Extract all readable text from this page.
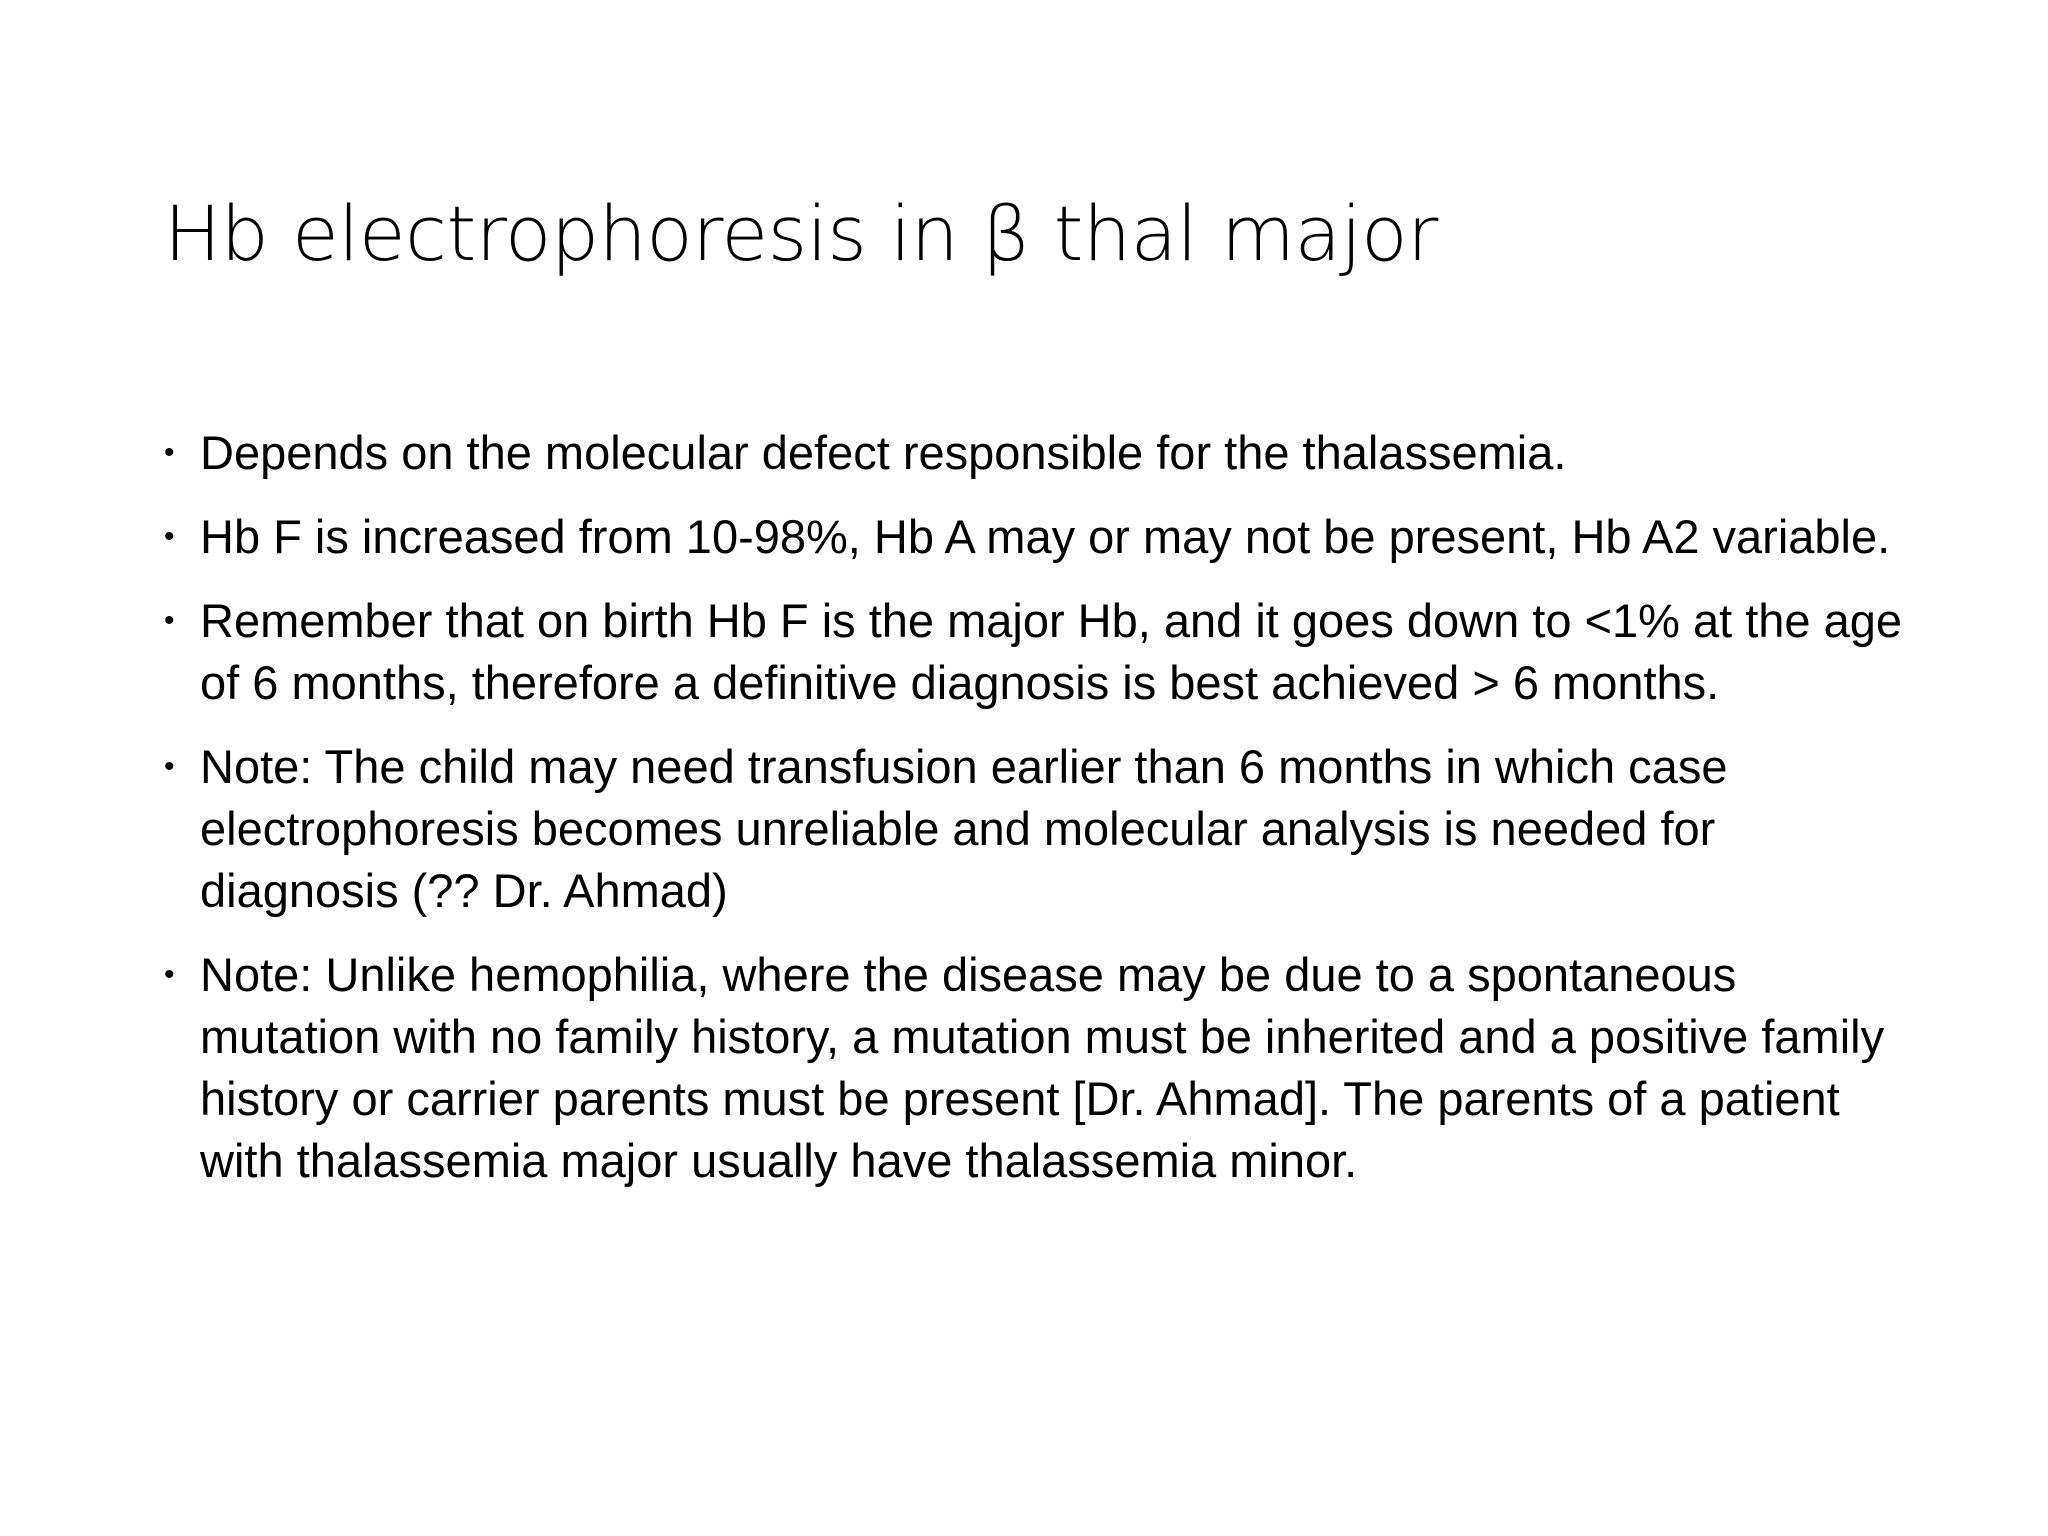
Hb electrophoresis in β thal major
• Depends on the molecular defect responsible for the thalassemia.
• Hb F is increased from 10-98%, Hb A may or may not be present, Hb A2 variable.
• Remember that on birth Hb F is the major Hb, and it goes down to <1% at the age of 6 months, therefore a definitive diagnosis is best achieved > 6 months.
• Note: The child may need transfusion earlier than 6 months in which case electrophoresis becomes unreliable and molecular analysis is needed for diagnosis (?? Dr. Ahmad)
• Note: Unlike hemophilia, where the disease may be due to a spontaneous mutation with no family history, a mutation must be inherited and a positive family history or carrier parents must be present [Dr. Ahmad]. The parents of a patient with thalassemia major usually have thalassemia minor.
